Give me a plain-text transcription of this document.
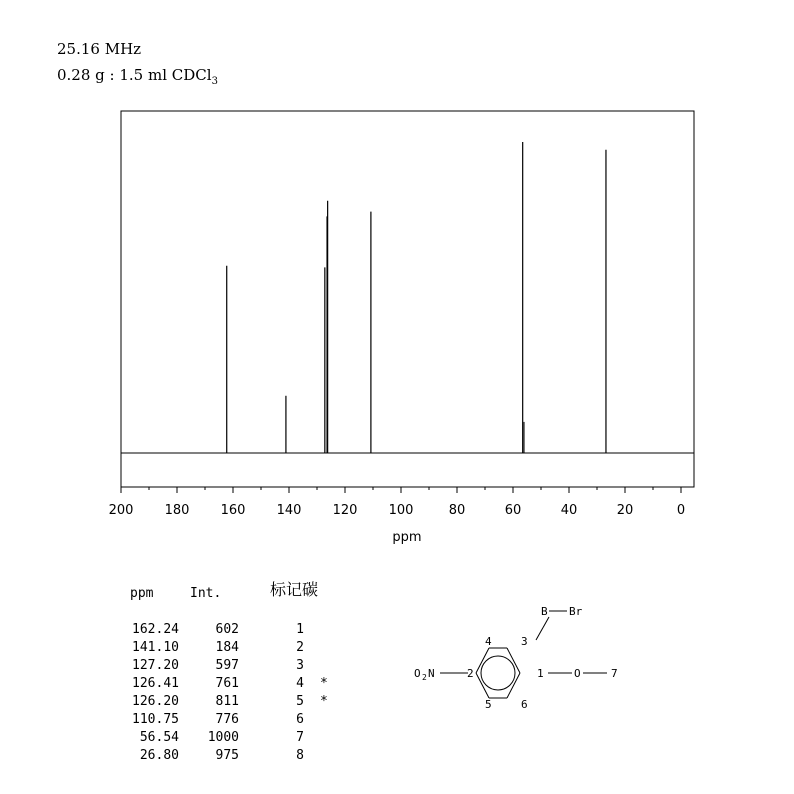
25.16 MHz
0.28 g : 1.5 ml CDCl$_3$
200 180 160 140 120 100	80	60	40	20	0
ppm
ppm	Int.	标记碳
162.24	602	1
141.10	184	2
127.20	597	3
126.41	761	4 *
126.20	811	5 *
110.75	776	6
56.54 1000	7
26.80	975	8
B Br
O 2 N	O
1
2
3
4
5	6
7
